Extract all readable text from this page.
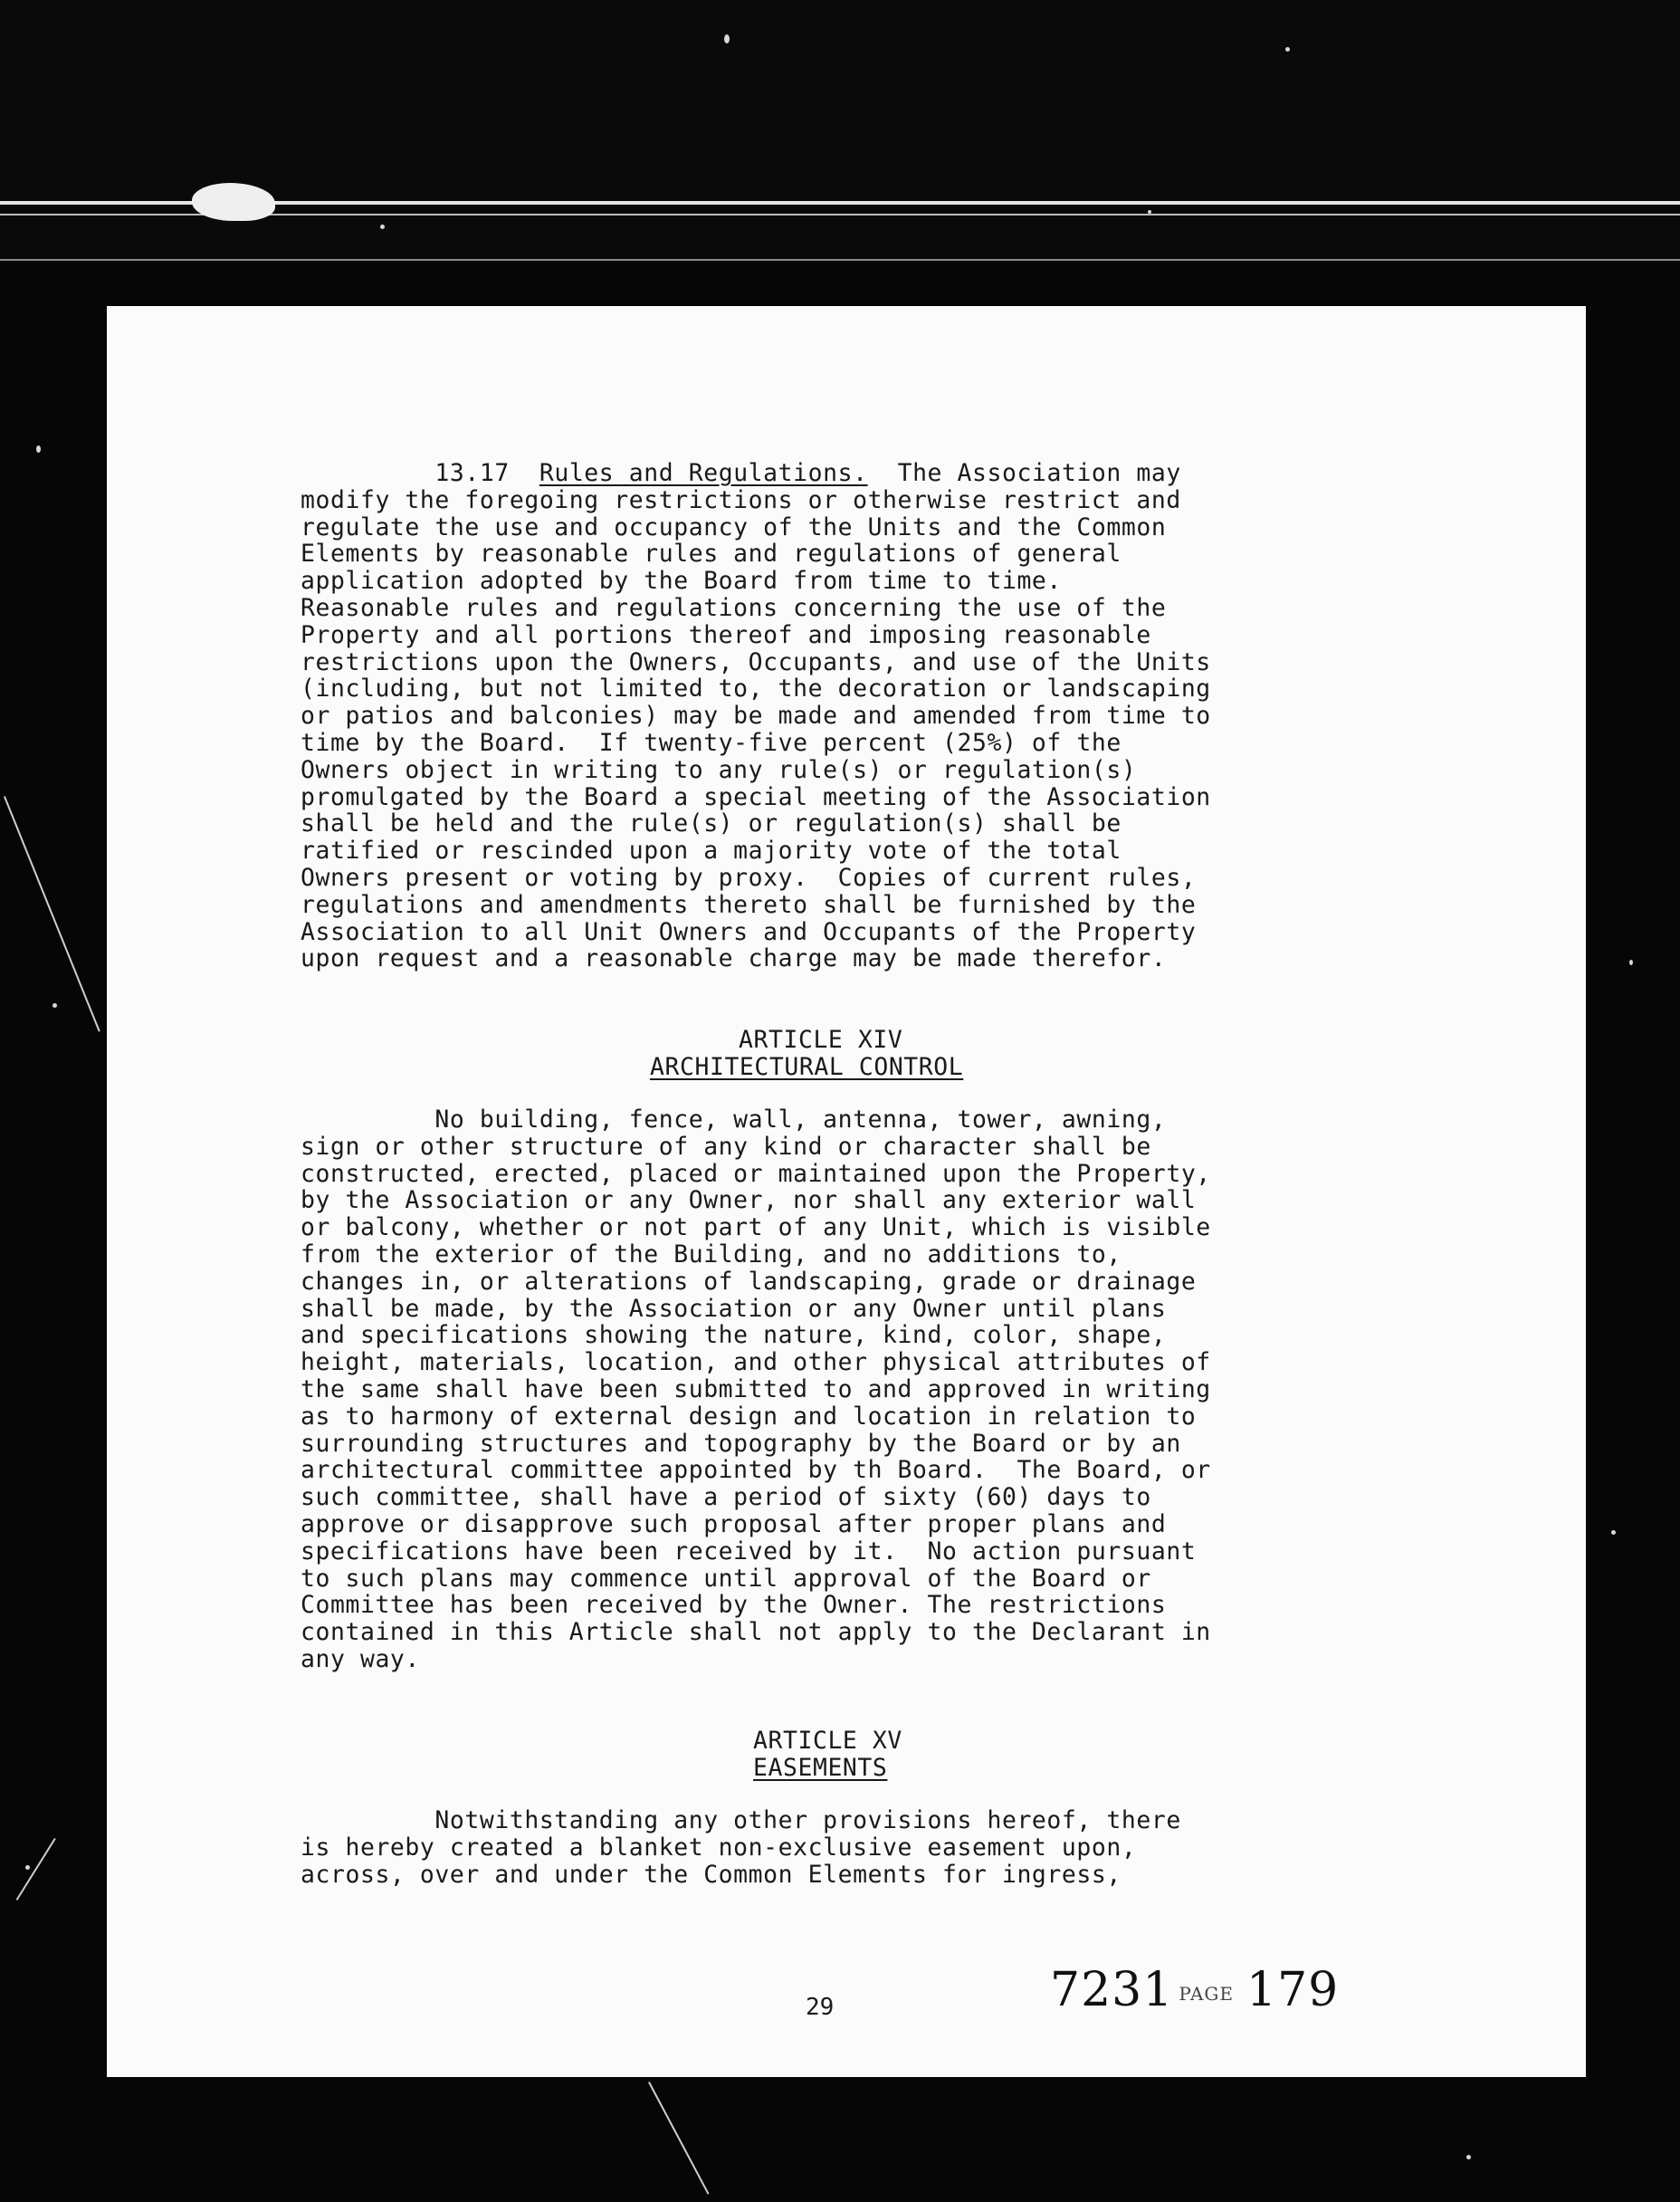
13.17 Rules and Regulations. The Association may
modify the foregoing restrictions or otherwise restrict and
regulate the use and occupancy of the Units and the Common
Elements by reasonable rules and regulations of general
application adopted by the Board from time to time.
Reasonable rules and regulations concerning the use of the
Property and all portions thereof and imposing reasonable
restrictions upon the Owners, Occupants, and use of the Units
(including, but not limited to, the decoration or landscaping
or patios and balconies) may be made and amended from time to
time by the Board.  If twenty-five percent (25%) of the
Owners object in writing to any rule(s) or regulation(s)
promulgated by the Board a special meeting of the Association
shall be held and the rule(s) or regulation(s) shall be
ratified or rescinded upon a majority vote of the total
Owners present or voting by proxy.  Copies of current rules,
regulations and amendments thereto shall be furnished by the
Association to all Unit Owners and Occupants of the Property
upon request and a reasonable charge may be made therefor.
ARTICLE XIV
ARCHITECTURAL CONTROL
No building, fence, wall, antenna, tower, awning,
sign or other structure of any kind or character shall be
constructed, erected, placed or maintained upon the Property,
by the Association or any Owner, nor shall any exterior wall
or balcony, whether or not part of any Unit, which is visible
from the exterior of the Building, and no additions to,
changes in, or alterations of landscaping, grade or drainage
shall be made, by the Association or any Owner until plans
and specifications showing the nature, kind, color, shape,
height, materials, location, and other physical attributes of
the same shall have been submitted to and approved in writing
as to harmony of external design and location in relation to
surrounding structures and topography by the Board or by an
architectural committee appointed by th Board.  The Board, or
such committee, shall have a period of sixty (60) days to
approve or disapprove such proposal after proper plans and
specifications have been received by it.  No action pursuant
to such plans may commence until approval of the Board or
Committee has been received by the Owner. The restrictions
contained in this Article shall not apply to the Declarant in
any way.
ARTICLE XV
EASEMENTS
Notwithstanding any other provisions hereof, there
is hereby created a blanket non-exclusive easement upon,
across, over and under the Common Elements for ingress,
29	7231 PAGE 179
